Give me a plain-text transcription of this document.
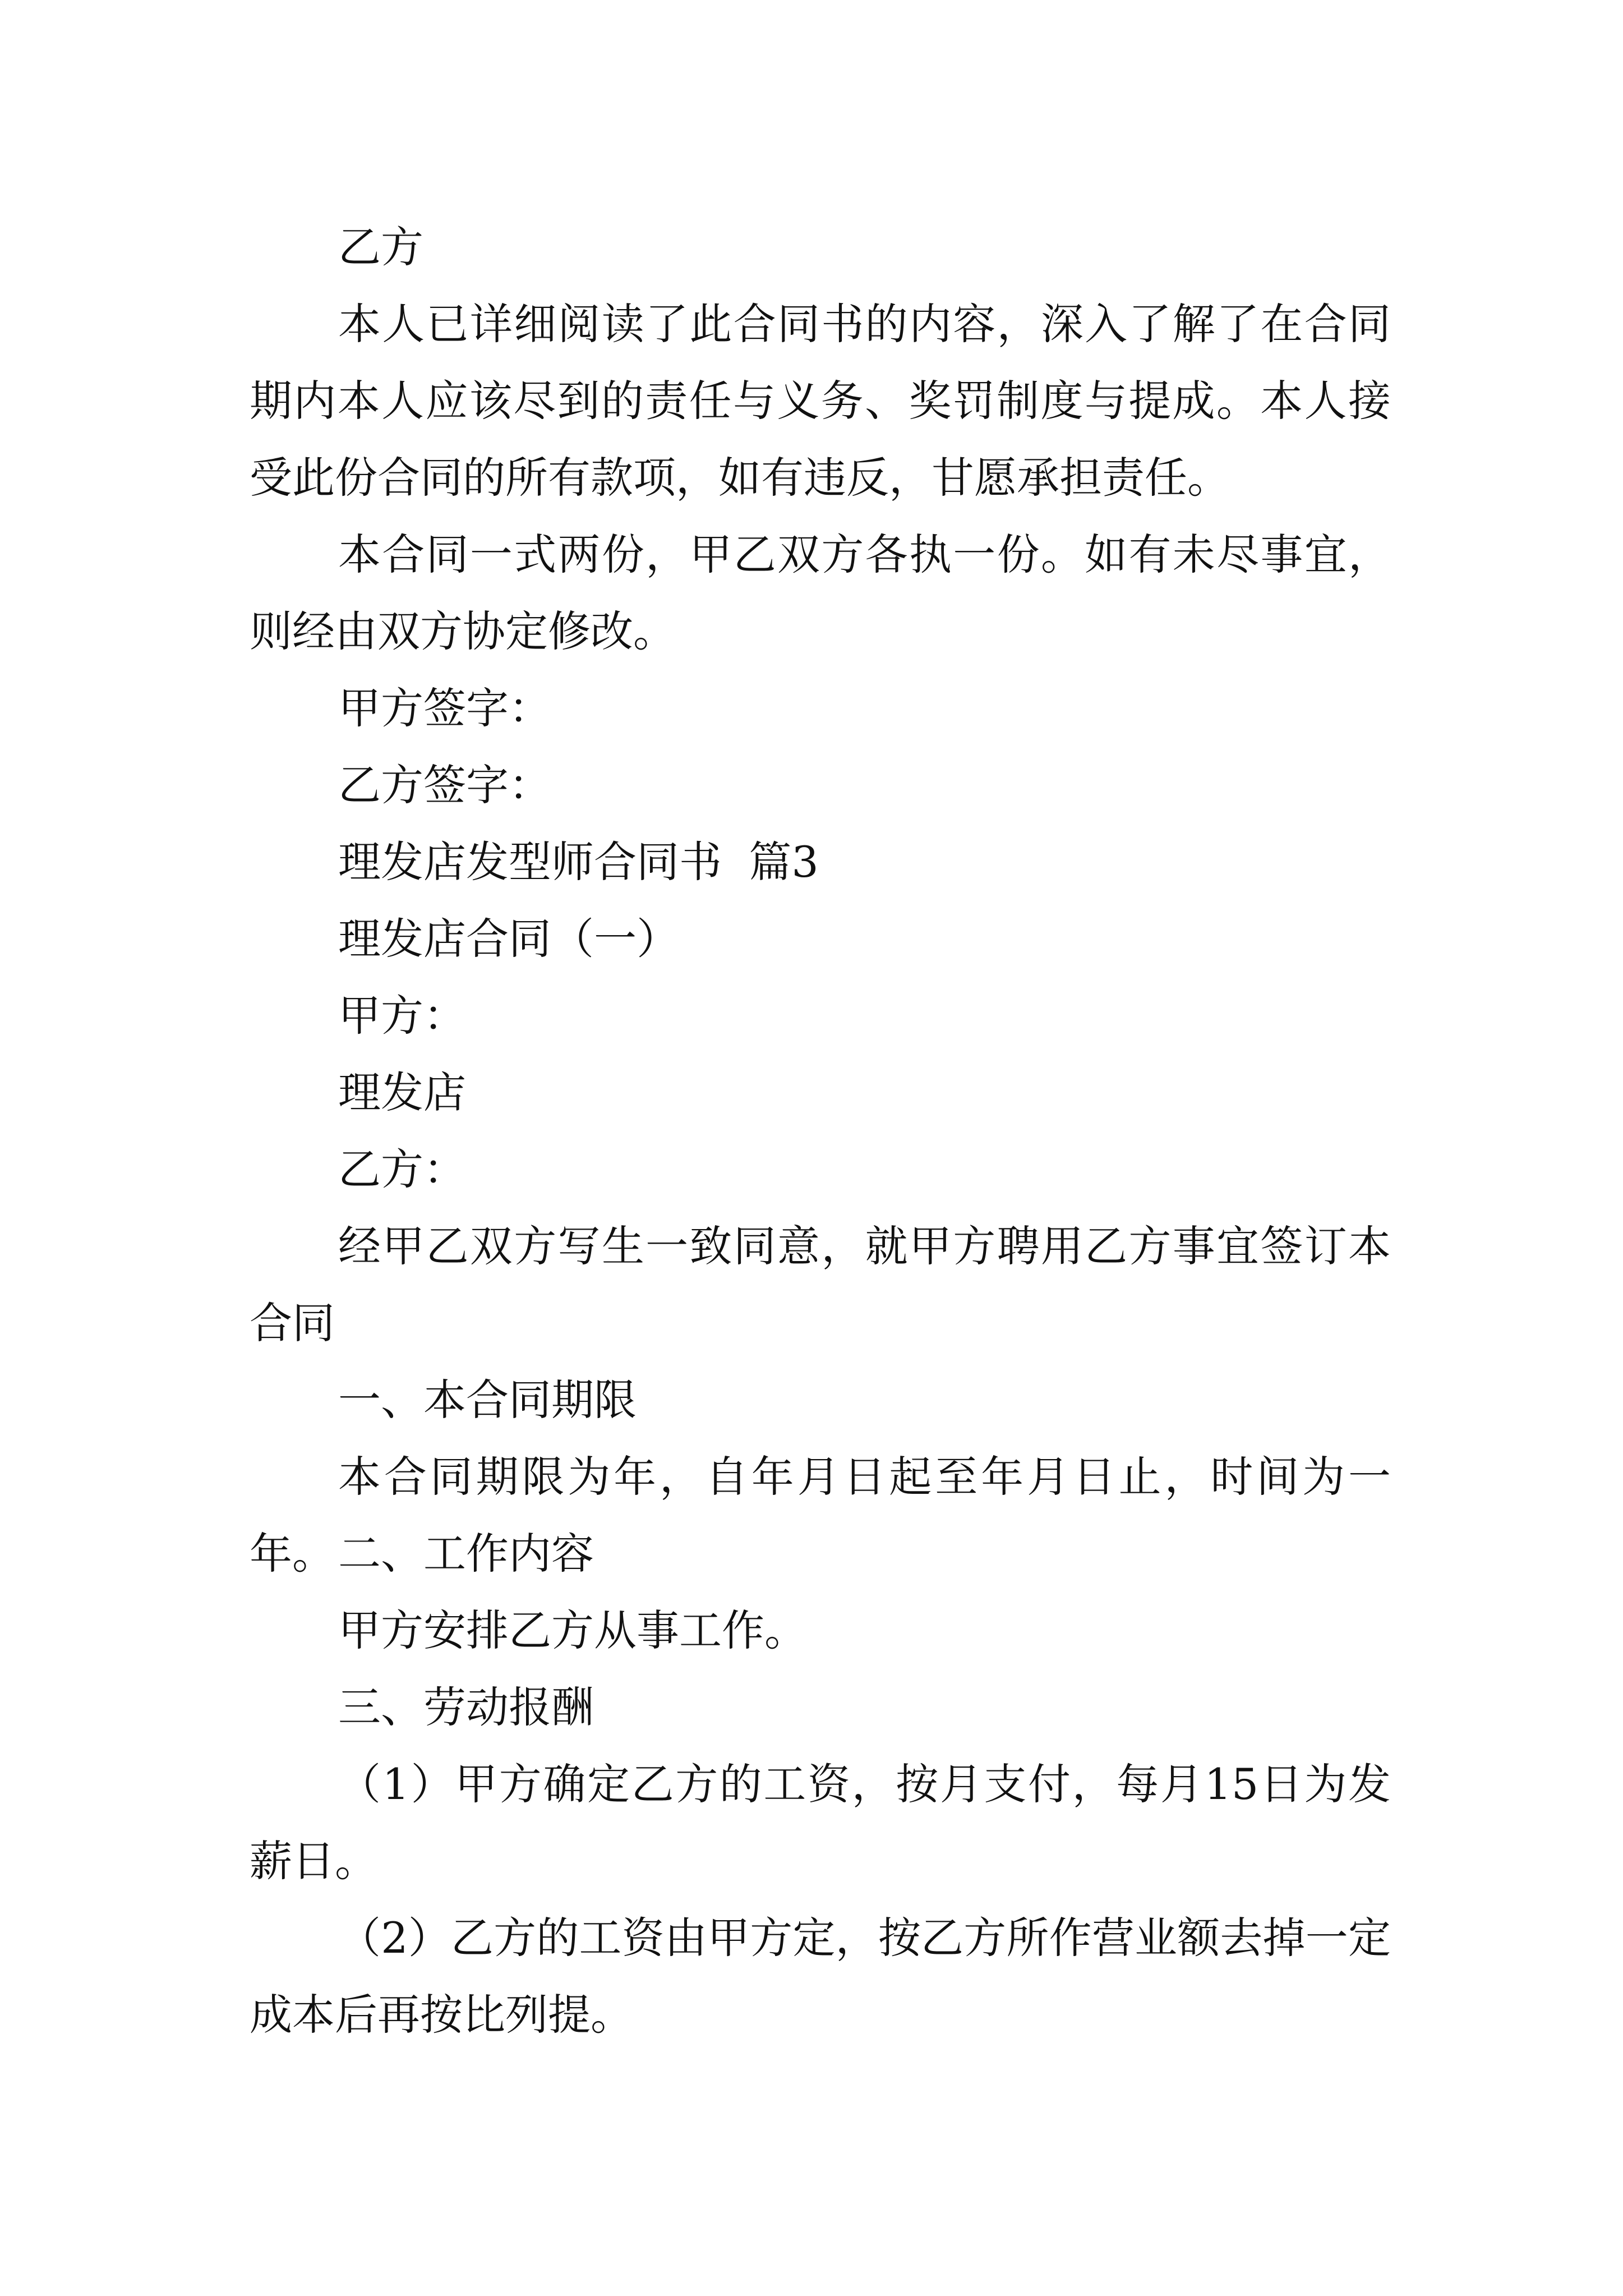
乙方

本人已详细阅读了此合同书的内容，深入了解了在合同期内本人应该尽到的责任与义务、奖罚制度与提成。本人接受此份合同的所有款项，如有违反，甘愿承担责任。

本合同一式两份，甲乙双方各执一份。如有未尽事宜，则经由双方协定修改。

甲方签字：

乙方签字：

理发店发型师合同书  篇3

理发店合同（一）

甲方：

理发店

乙方：

经甲乙双方写生一致同意，就甲方聘用乙方事宜签订本合同

一、本合同期限

本合同期限为年，自年月日起至年月日止，时间为一年。 二、工作内容

甲方安排乙方从事工作。

三、劳动报酬

（1）甲方确定乙方的工资，按月支付，每月15日为发薪日。

（2）乙方的工资由甲方定，按乙方所作营业额去掉一定成本后再按比列提。
